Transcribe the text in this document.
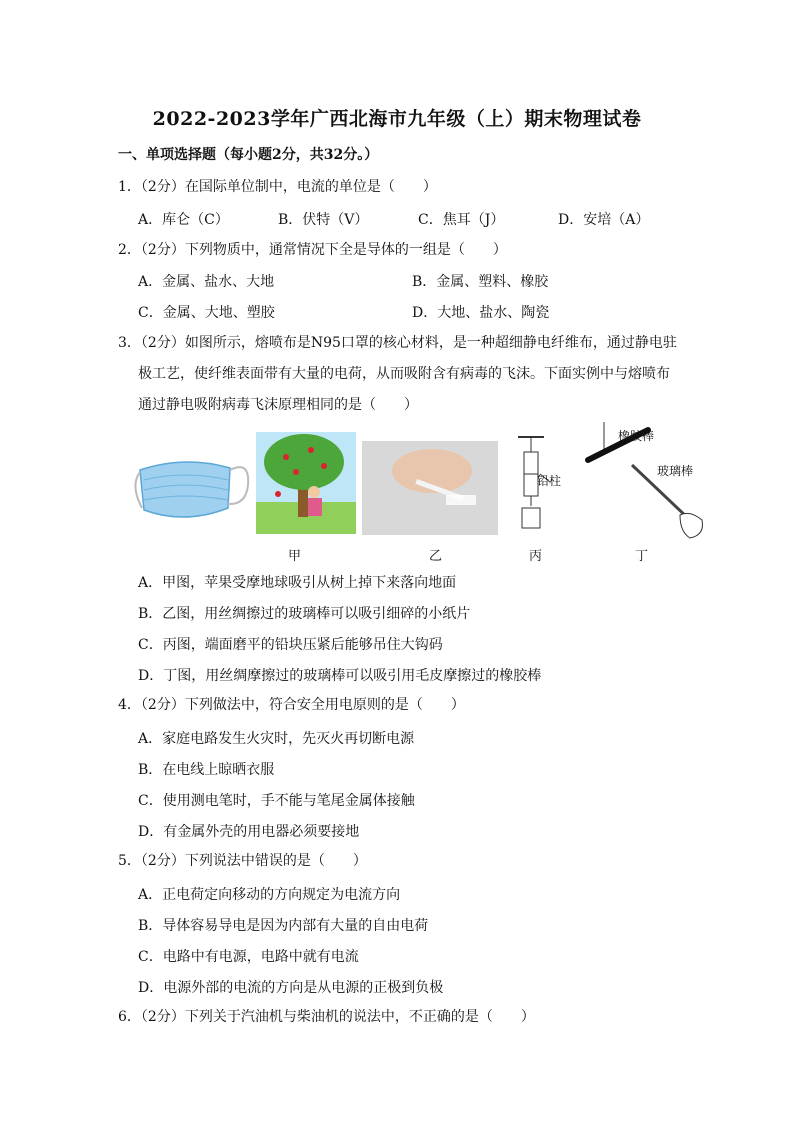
2022-2023学年广西北海市九年级（上）期末物理试卷
一、单项选择题（每小题2分，共32分。）
1．（2分）在国际单位制中，电流的单位是（　　）
A．库仑（C）	B．伏特（V）	C．焦耳（J）	D．安培（A）
2．（2分）下列物质中，通常情况下全是导体的一组是（　　）
A．金属、盐水、大地	B．金属、塑料、橡胶
C．金属、大地、塑胶	D．大地、盐水、陶瓷
3．（2分）如图所示，熔喷布是N95口罩的核心材料，是一种超细静电纤维布，通过静电驻
极工艺，使纤维表面带有大量的电荷，从而吸附含有病毒的飞沫。下面实例中与熔喷布
通过静电吸附病毒飞沫原理相同的是（　　）
铅柱
橡胶棒
玻璃棒
甲	乙	丙	丁
A．甲图，苹果受摩地球吸引从树上掉下来落向地面
B．乙图，用丝绸擦过的玻璃棒可以吸引细碎的小纸片
C．丙图，端面磨平的铅块压紧后能够吊住大钩码
D．丁图，用丝绸摩擦过的玻璃棒可以吸引用毛皮摩擦过的橡胶棒
4．（2分）下列做法中，符合安全用电原则的是（　　）
A．家庭电路发生火灾时，先灭火再切断电源
B．在电线上晾晒衣服
C．使用测电笔时，手不能与笔尾金属体接触
D．有金属外壳的用电器必须要接地
5．（2分）下列说法中错误的是（　　）
A．正电荷定向移动的方向规定为电流方向
B．导体容易导电是因为内部有大量的自由电荷
C．电路中有电源，电路中就有电流
D．电源外部的电流的方向是从电源的正极到负极
6．（2分）下列关于汽油机与柴油机的说法中，不正确的是（　　）
